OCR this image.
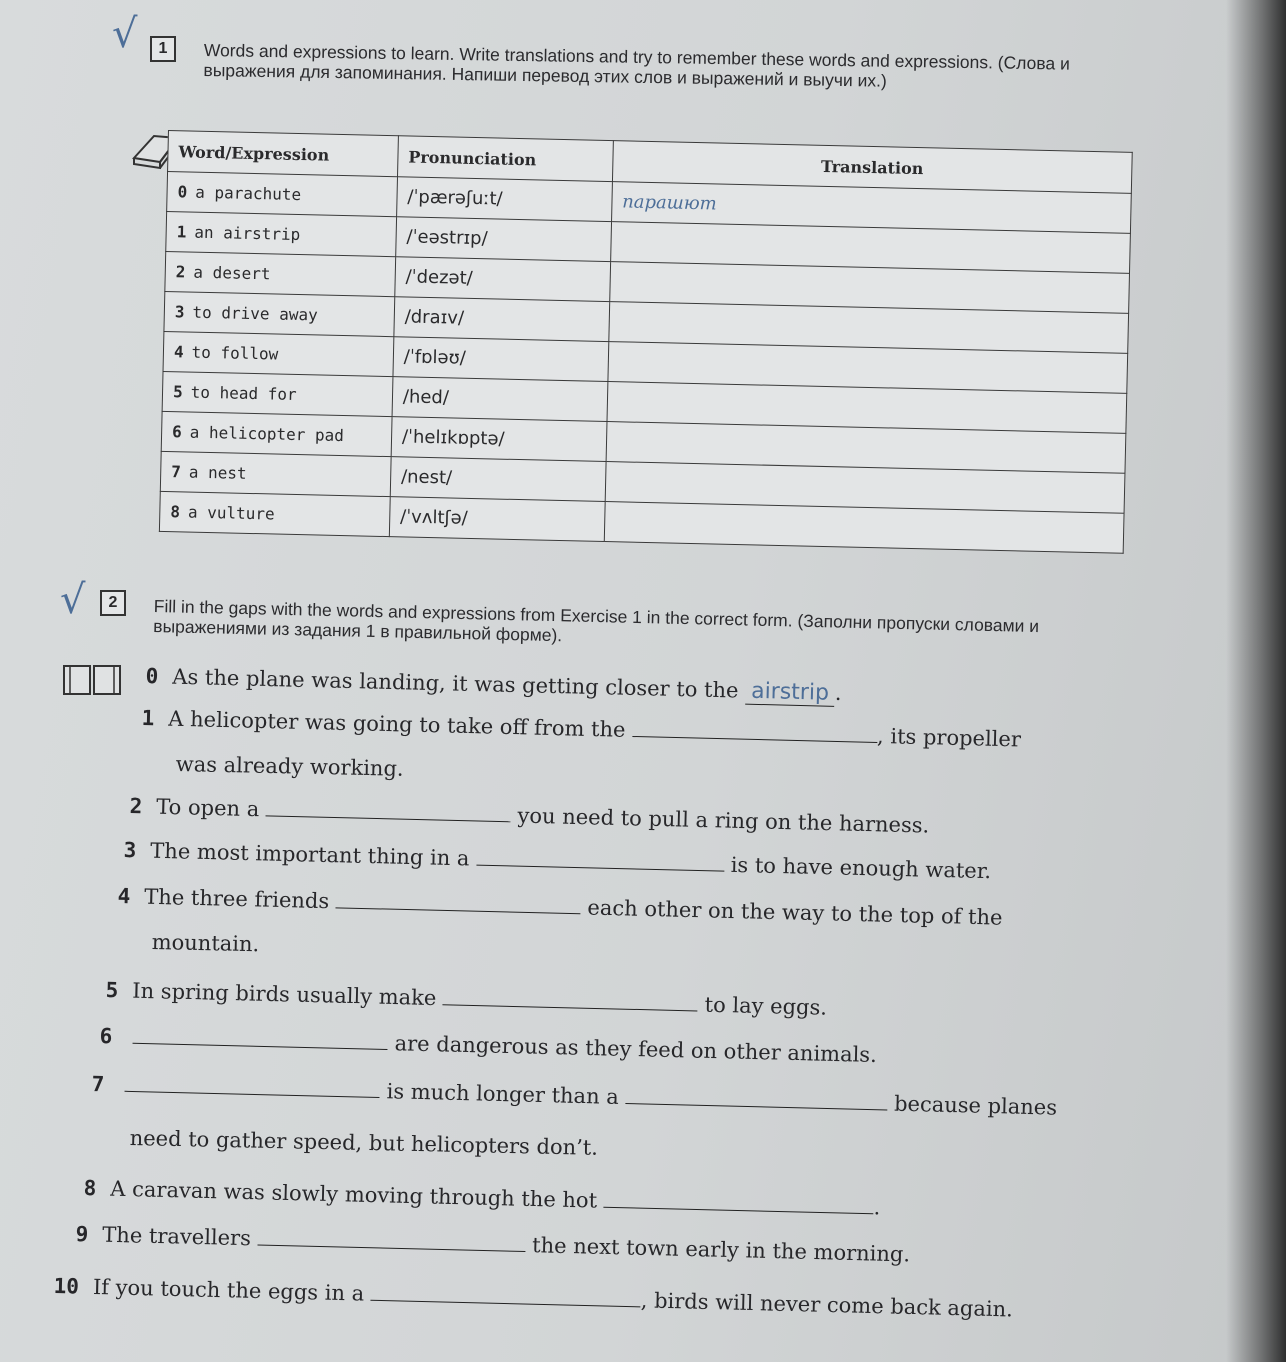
√	1	Words and expressions to learn. Write translations and try to remember these words and expressions. (Слова и выражения для запоминания. Напиши перевод этих слов и выражений и выучи их.)
Word/Expression	Pronunciation	Translation
0 a parachute	/ˈpærəʃuːt/	парашют
1 an airstrip	/ˈeəstrɪp/	
2 a desert	/ˈdezət/	
3 to drive away	/draɪv/	
4 to follow	/ˈfɒləʊ/	
5 to head for	/hed/	
6 a helicopter pad	/ˈhelɪkɒptə/	
7 a nest	/nest/	
8 a vulture	/ˈvʌltʃə/	
√	2	Fill in the gaps with the words and expressions from Exercise 1 in the correct form. (Заполни пропуски словами и выражениями из задания 1 в правильной форме).
0 As the plane was landing, it was getting closer to the airstrip .
1 A helicopter was going to take off from the	, its propeller
was already working.
2 To open a	you need to pull a ring on the harness.
3 The most important thing in a	is to have enough water.
4 The three friends	each other on the way to the top of the
mountain.
5 In spring birds usually make	to lay eggs.
6	are dangerous as they feed on other animals.
7	is much longer than a	because planes
need to gather speed, but helicopters don’t.
8 A caravan was slowly moving through the hot	.
9 The travellers	the next town early in the morning.
10 If you touch the eggs in a	, birds will never come back again.
